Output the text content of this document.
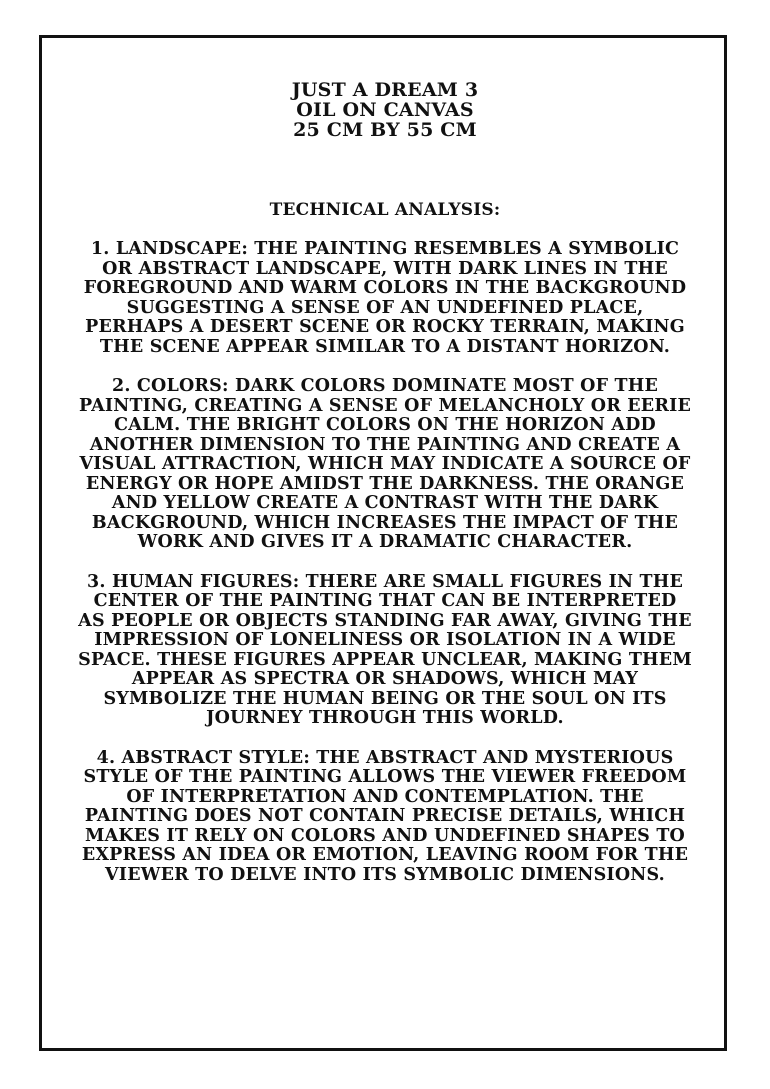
JUST A DREAM 3
OIL ON CANVAS
25 CM BY 55 CM
TECHNICAL ANALYSIS:
1. LANDSCAPE: THE PAINTING RESEMBLES A SYMBOLIC OR ABSTRACT LANDSCAPE, WITH DARK LINES IN THE FOREGROUND AND WARM COLORS IN THE BACKGROUND SUGGESTING A SENSE OF AN UNDEFINED PLACE, PERHAPS A DESERT SCENE OR ROCKY TERRAIN, MAKING THE SCENE APPEAR SIMILAR TO A DISTANT HORIZON.
2. COLORS: DARK COLORS DOMINATE MOST OF THE PAINTING, CREATING A SENSE OF MELANCHOLY OR EERIE CALM. THE BRIGHT COLORS ON THE HORIZON ADD ANOTHER DIMENSION TO THE PAINTING AND CREATE A VISUAL ATTRACTION, WHICH MAY INDICATE A SOURCE OF ENERGY OR HOPE AMIDST THE DARKNESS. THE ORANGE AND YELLOW CREATE A CONTRAST WITH THE DARK BACKGROUND, WHICH INCREASES THE IMPACT OF THE WORK AND GIVES IT A DRAMATIC CHARACTER.
3. HUMAN FIGURES: THERE ARE SMALL FIGURES IN THE CENTER OF THE PAINTING THAT CAN BE INTERPRETED AS PEOPLE OR OBJECTS STANDING FAR AWAY, GIVING THE IMPRESSION OF LONELINESS OR ISOLATION IN A WIDE SPACE. THESE FIGURES APPEAR UNCLEAR, MAKING THEM APPEAR AS SPECTRA OR SHADOWS, WHICH MAY SYMBOLIZE THE HUMAN BEING OR THE SOUL ON ITS JOURNEY THROUGH THIS WORLD.
4. ABSTRACT STYLE: THE ABSTRACT AND MYSTERIOUS STYLE OF THE PAINTING ALLOWS THE VIEWER FREEDOM OF INTERPRETATION AND CONTEMPLATION. THE PAINTING DOES NOT CONTAIN PRECISE DETAILS, WHICH MAKES IT RELY ON COLORS AND UNDEFINED SHAPES TO EXPRESS AN IDEA OR EMOTION, LEAVING ROOM FOR THE VIEWER TO DELVE INTO ITS SYMBOLIC DIMENSIONS.
